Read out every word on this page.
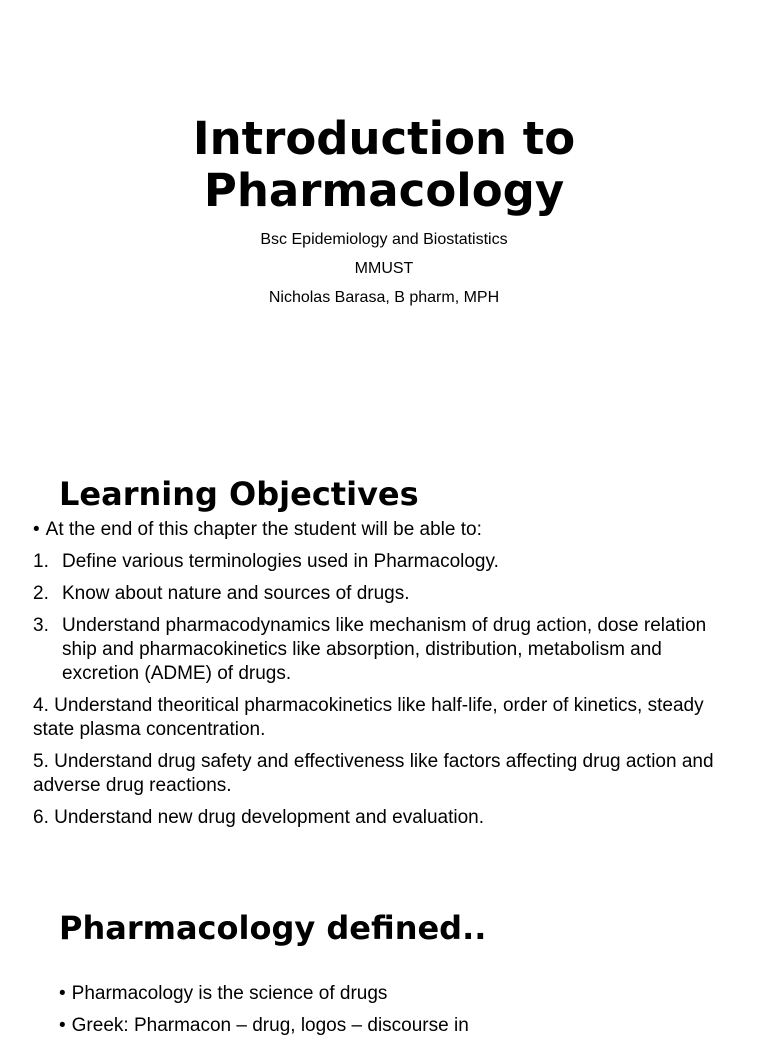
Introduction to
Pharmacology
Bsc Epidemiology and Biostatistics
MMUST
Nicholas Barasa, B pharm, MPH
Learning Objectives
• At the end of this chapter the student will be able to:
1. Define various terminologies used in Pharmacology.
2. Know about nature and sources of drugs.
3. Understand pharmacodynamics like mechanism of drug action, dose relation ship and pharmacokinetics like absorption, distribution, metabolism and excretion (ADME) of drugs.
4. Understand theoritical pharmacokinetics like half-life, order of kinetics, steady state plasma concentration.
5. Understand drug safety and effectiveness like factors affecting drug action and adverse drug reactions.
6. Understand new drug development and evaluation.
Pharmacology defined..
• Pharmacology is the science of drugs
• Greek: Pharmacon – drug, logos – discourse in
